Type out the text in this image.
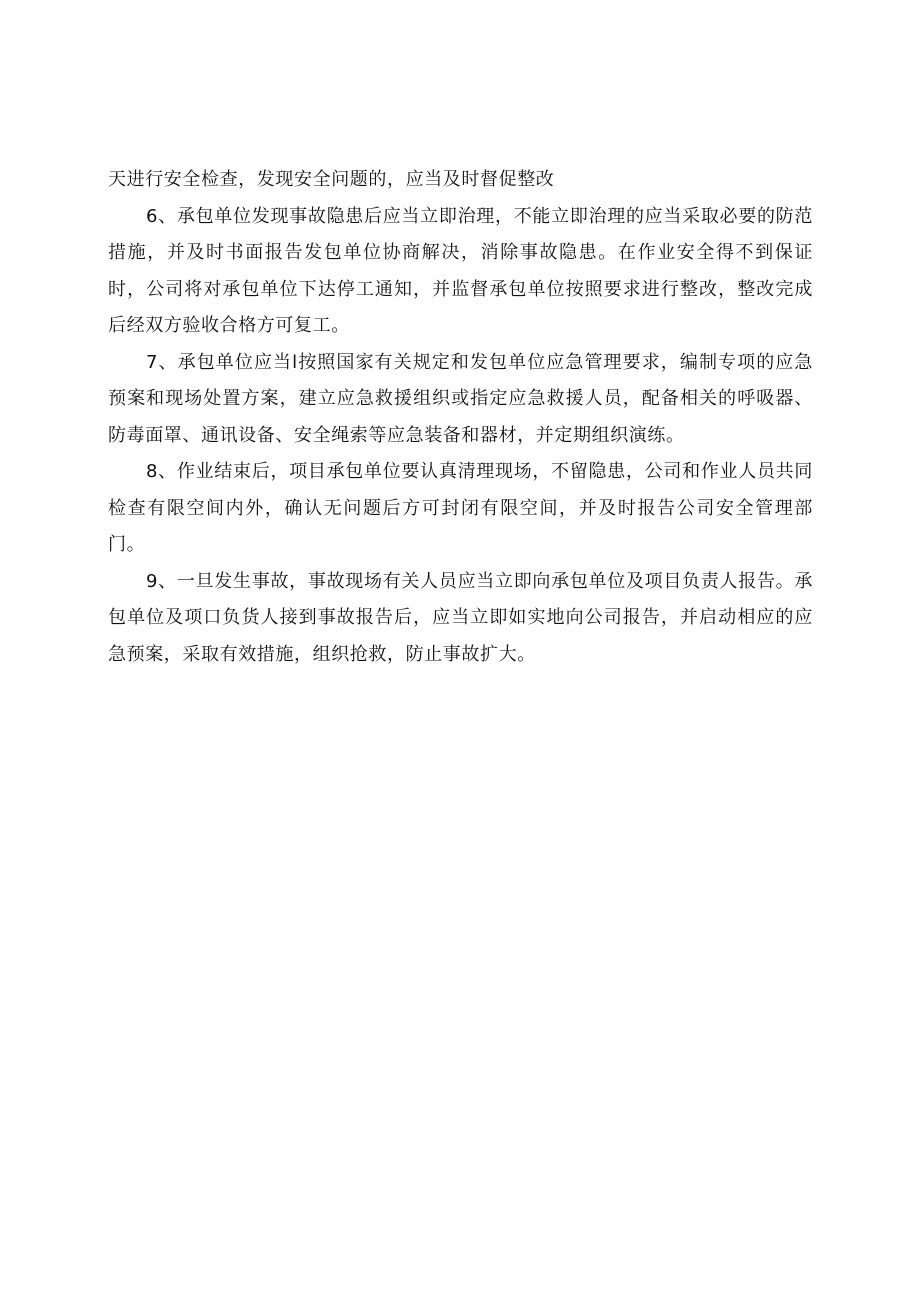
天进行安全检查，发现安全问题的，应当及时督促整改

6、承包单位发现事故隐患后应当立即治理，不能立即治理的应当采取必要的防范措施，并及时书面报告发包单位协商解决，消除事故隐患。在作业安全得不到保证时，公司将对承包单位下达停工通知，并监督承包单位按照要求进行整改，整改完成后经双方验收合格方可复工。

7、承包单位应当l按照国家有关规定和发包单位应急管理要求，编制专项的应急预案和现场处置方案，建立应急救援组织或指定应急救援人员，配备相关的呼吸器、防毒面罩、通讯设备、安全绳索等应急装备和器材，并定期组织演练。

8、作业结束后，项目承包单位要认真清理现场，不留隐患，公司和作业人员共同检查有限空间内外，确认无问题后方可封闭有限空间，并及时报告公司安全管理部门。

9、一旦发生事故，事故现场有关人员应当立即向承包单位及项目负责人报告。承包单位及项口负货人接到事故报告后，应当立即如实地向公司报告，并启动相应的应急预案，采取有效措施，组织抢救，防止事故扩大。
